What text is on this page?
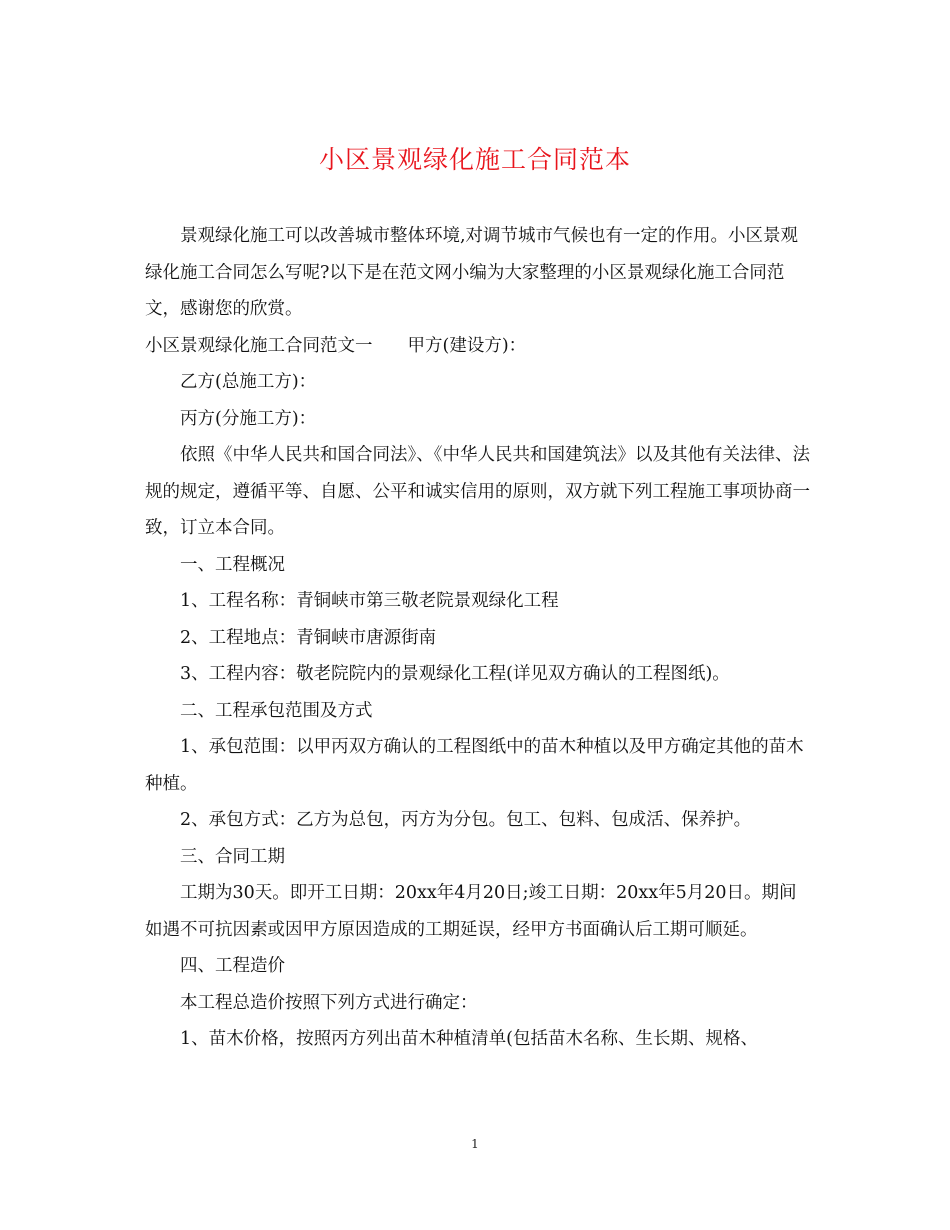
小区景观绿化施工合同范本

景观绿化施工可以改善城市整体环境,对调节城市气候也有一定的作用。小区景观绿化施工合同怎么写呢?以下是在范文网小编为大家整理的小区景观绿化施工合同范文，感谢您的欣赏。

小区景观绿化施工合同范文一　　甲方(建设方)：

乙方(总施工方)：

丙方(分施工方)：

依照《中华人民共和国合同法》、《中华人民共和国建筑法》以及其他有关法律、法规的规定，遵循平等、自愿、公平和诚实信用的原则，双方就下列工程施工事项协商一致，订立本合同。

一、工程概况

1、工程名称：青铜峡市第三敬老院景观绿化工程

2、工程地点：青铜峡市唐源街南

3、工程内容：敬老院院内的景观绿化工程(详见双方确认的工程图纸)。

二、工程承包范围及方式

1、承包范围：以甲丙双方确认的工程图纸中的苗木种植以及甲方确定其他的苗木种植。

2、承包方式：乙方为总包，丙方为分包。包工、包料、包成活、保养护。

三、合同工期

工期为30天。即开工日期：20xx年4月20日;竣工日期：20xx年5月20日。期间如遇不可抗因素或因甲方原因造成的工期延误，经甲方书面确认后工期可顺延。

四、工程造价

本工程总造价按照下列方式进行确定：

1、苗木价格，按照丙方列出苗木种植清单(包括苗木名称、生长期、规格、

1
